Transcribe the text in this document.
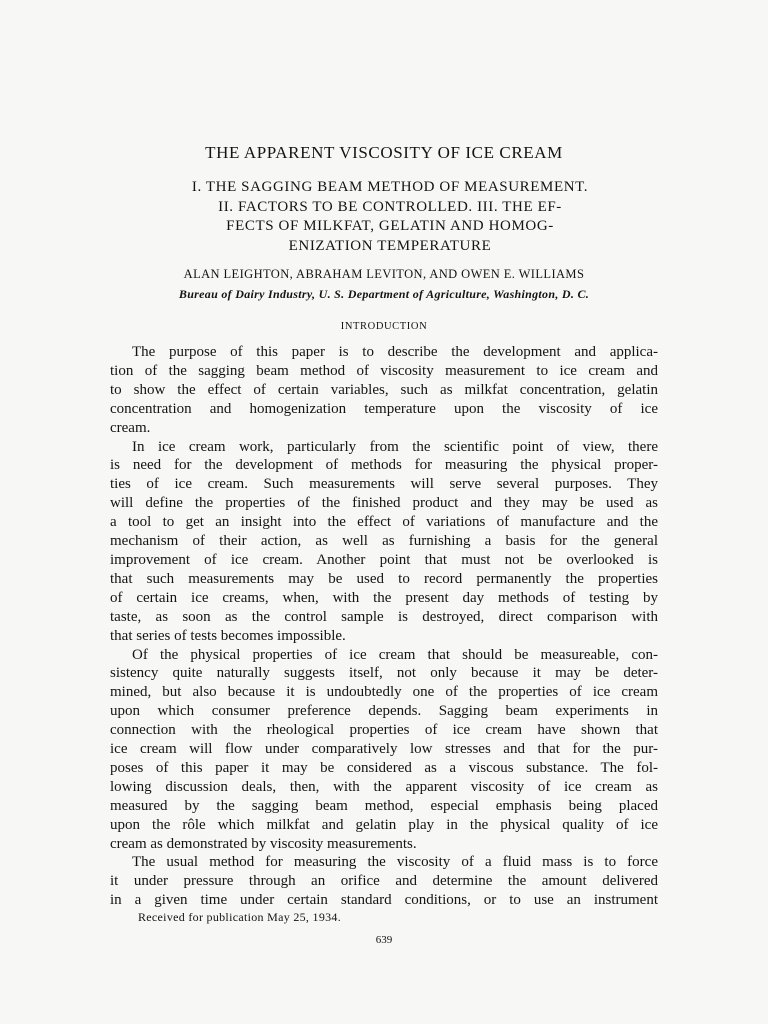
THE APPARENT VISCOSITY OF ICE CREAM
I. THE SAGGING BEAM METHOD OF MEASUREMENT.
II. FACTORS TO BE CONTROLLED. III. THE EF-
FECTS OF MILKFAT, GELATIN AND HOMOG-
ENIZATION TEMPERATURE
ALAN LEIGHTON, ABRAHAM LEVITON, AND OWEN E. WILLIAMS
Bureau of Dairy Industry, U. S. Department of Agriculture, Washington, D. C.
INTRODUCTION
The purpose of this paper is to describe the development and applica-
tion of the sagging beam method of viscosity measurement to ice cream and
to show the effect of certain variables, such as milkfat concentration, gelatin
concentration and homogenization temperature upon the viscosity of ice
cream.
In ice cream work, particularly from the scientific point of view, there
is need for the development of methods for measuring the physical proper-
ties of ice cream. Such measurements will serve several purposes. They
will define the properties of the finished product and they may be used as
a tool to get an insight into the effect of variations of manufacture and the
mechanism of their action, as well as furnishing a basis for the general
improvement of ice cream. Another point that must not be overlooked is
that such measurements may be used to record permanently the properties
of certain ice creams, when, with the present day methods of testing by
taste, as soon as the control sample is destroyed, direct comparison with
that series of tests becomes impossible.
Of the physical properties of ice cream that should be measureable, con-
sistency quite naturally suggests itself, not only because it may be deter-
mined, but also because it is undoubtedly one of the properties of ice cream
upon which consumer preference depends. Sagging beam experiments in
connection with the rheological properties of ice cream have shown that
ice cream will flow under comparatively low stresses and that for the pur-
poses of this paper it may be considered as a viscous substance. The fol-
lowing discussion deals, then, with the apparent viscosity of ice cream as
measured by the sagging beam method, especial emphasis being placed
upon the rôle which milkfat and gelatin play in the physical quality of ice
cream as demonstrated by viscosity measurements.
The usual method for measuring the viscosity of a fluid mass is to force
it under pressure through an orifice and determine the amount delivered
in a given time under certain standard conditions, or to use an instrument
Received for publication May 25, 1934.
639
